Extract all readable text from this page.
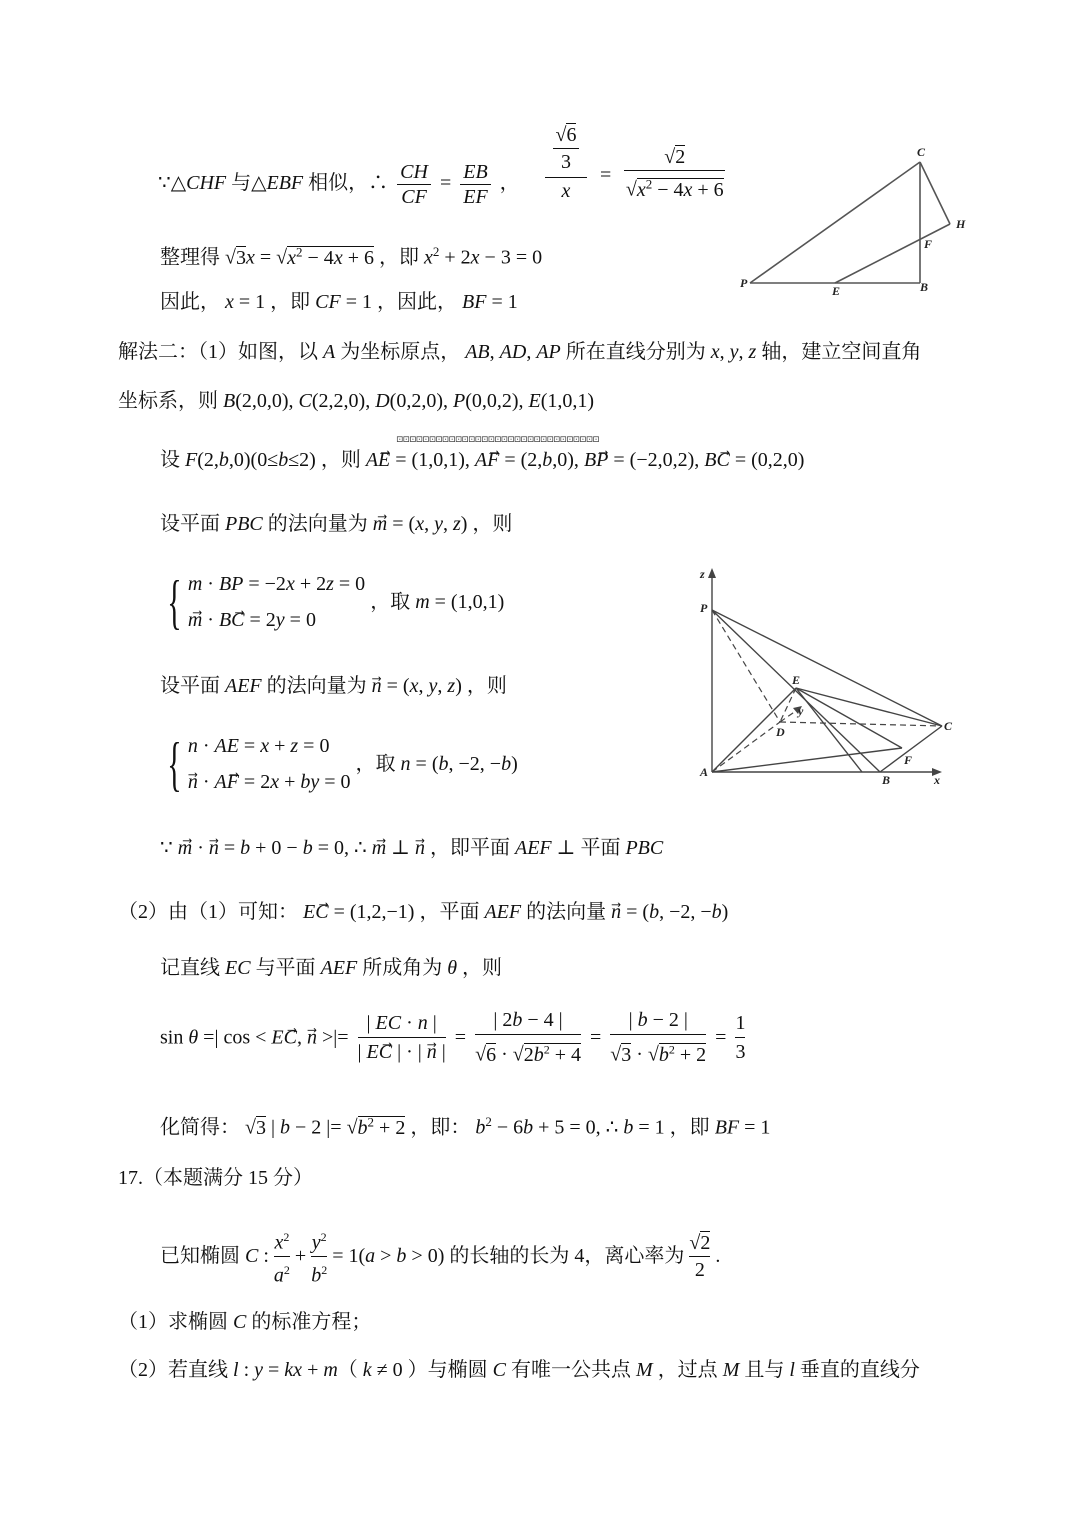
∵△CHF 与△EBF 相似，∴ $\frac{CH}{CF} = \frac{EB}{EF}$ ，
√6
3
x
= $\frac{√2}{√x^2 - 4x + 6}$
整理得 $√3x = √x^2 - 4x + 6$ ，即 $x^2 + 2x - 3 = 0$
因此， x = 1 ，即 CF = 1 ，因此， BF = 1
C
H
F
P
E	B
解法二：（1）如图，以 A 为坐标原点， AB, AD, AP 所在直线分别为 x, y, z 轴，建立空间直角
坐标系，则 B(2,0,0), C(2,2,0), D(0,2,0), P(0,0,2), E(1,0,1)
⊡⊡⊡⊡⊡⊡⊡⊡⊡⊡⊡⊡⊡⊡⊡⊡⊡⊡⊡⊡⊡⊡⊡⊡⊡⊡⊡⊡⊡⊡⊡
设 F(2,b,0)(0≤b≤2) ，则 AE⃗ = (1,0,1), AF⃗ = (2,b,0), BP⃗ = (−2,0,2), BC⃗ = (0,2,0)
设平面 PBC 的法向量为 m⃗ = (x, y, z) ，则
{ m · BP = −2x + 2z = 0
m⃗ · BC⃗ = 2y = 0
，取 m = (1,0,1)
设平面 AEF 的法向量为 n⃗ = (x, y, z) ，则
{ n · AE = x + z = 0
n⃗ · AF⃗ = 2x + by = 0
，取 n = (b, −2, −b)
z
P
E
y
D	C
A
F
B	x
∵ m⃗ · n⃗ = b + 0 − b = 0, ∴ m⃗ ⊥ n⃗ ，即平面 AEF ⊥ 平面 PBC
（2）由（1）可知： EC⃗ = (1,2,−1) ，平面 AEF 的法向量 n⃗ = (b, −2, −b)
记直线 EC 与平面 AEF 所成角为 θ ，则
sin θ =| cos < EC⃗, n⃗ >|= $\frac{| EC \cdot n |}{| EC⃗ | \cdot | n⃗ |} = \frac{| 2b - 4 |}{√6 \cdot √2b^2 + 4} = \frac{| b - 2 |}{√3 \cdot √b^2 + 2} = \frac{1}{3}$
化简得： √3 | b − 2 |= $√b^2 + 2$ ，即： $b^2 - 6b + 5 = 0$, ∴ b = 1 ，即 BF = 1
17.（本题满分 15 分）
已知椭圆 C : $\frac{x^2}{a^2} + \frac{y^2}{b^2} = 1(a > b > 0)$ 的长轴的长为 4，离心率为 $\frac{√2}{2}$ .
（1）求椭圆 C 的标准方程；
（2）若直线 l : y = kx + m（ k ≠ 0 ）与椭圆 C 有唯一公共点 M ，过点 M 且与 l 垂直的直线分
